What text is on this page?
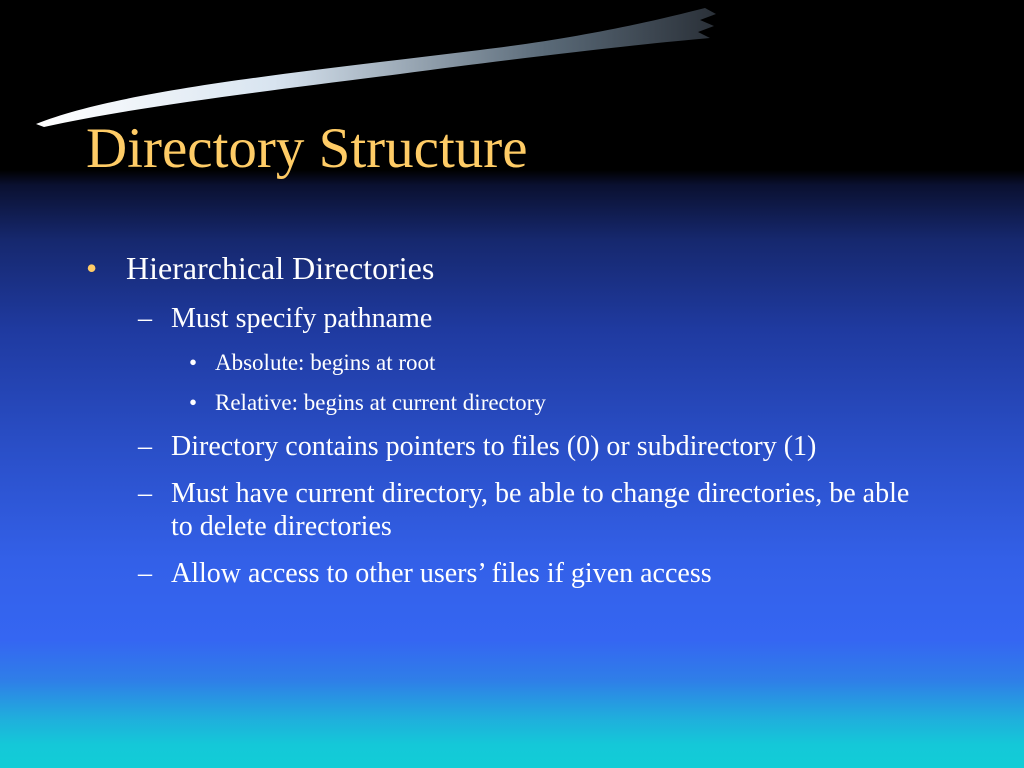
Directory Structure
• Hierarchical Directories
– Must specify pathname
• Absolute: begins at root
• Relative: begins at current directory
– Directory contains pointers to files (0) or subdirectory (1)
– Must have current directory, be able to change directories, be able to delete directories
– Allow access to other users’ files if given access
